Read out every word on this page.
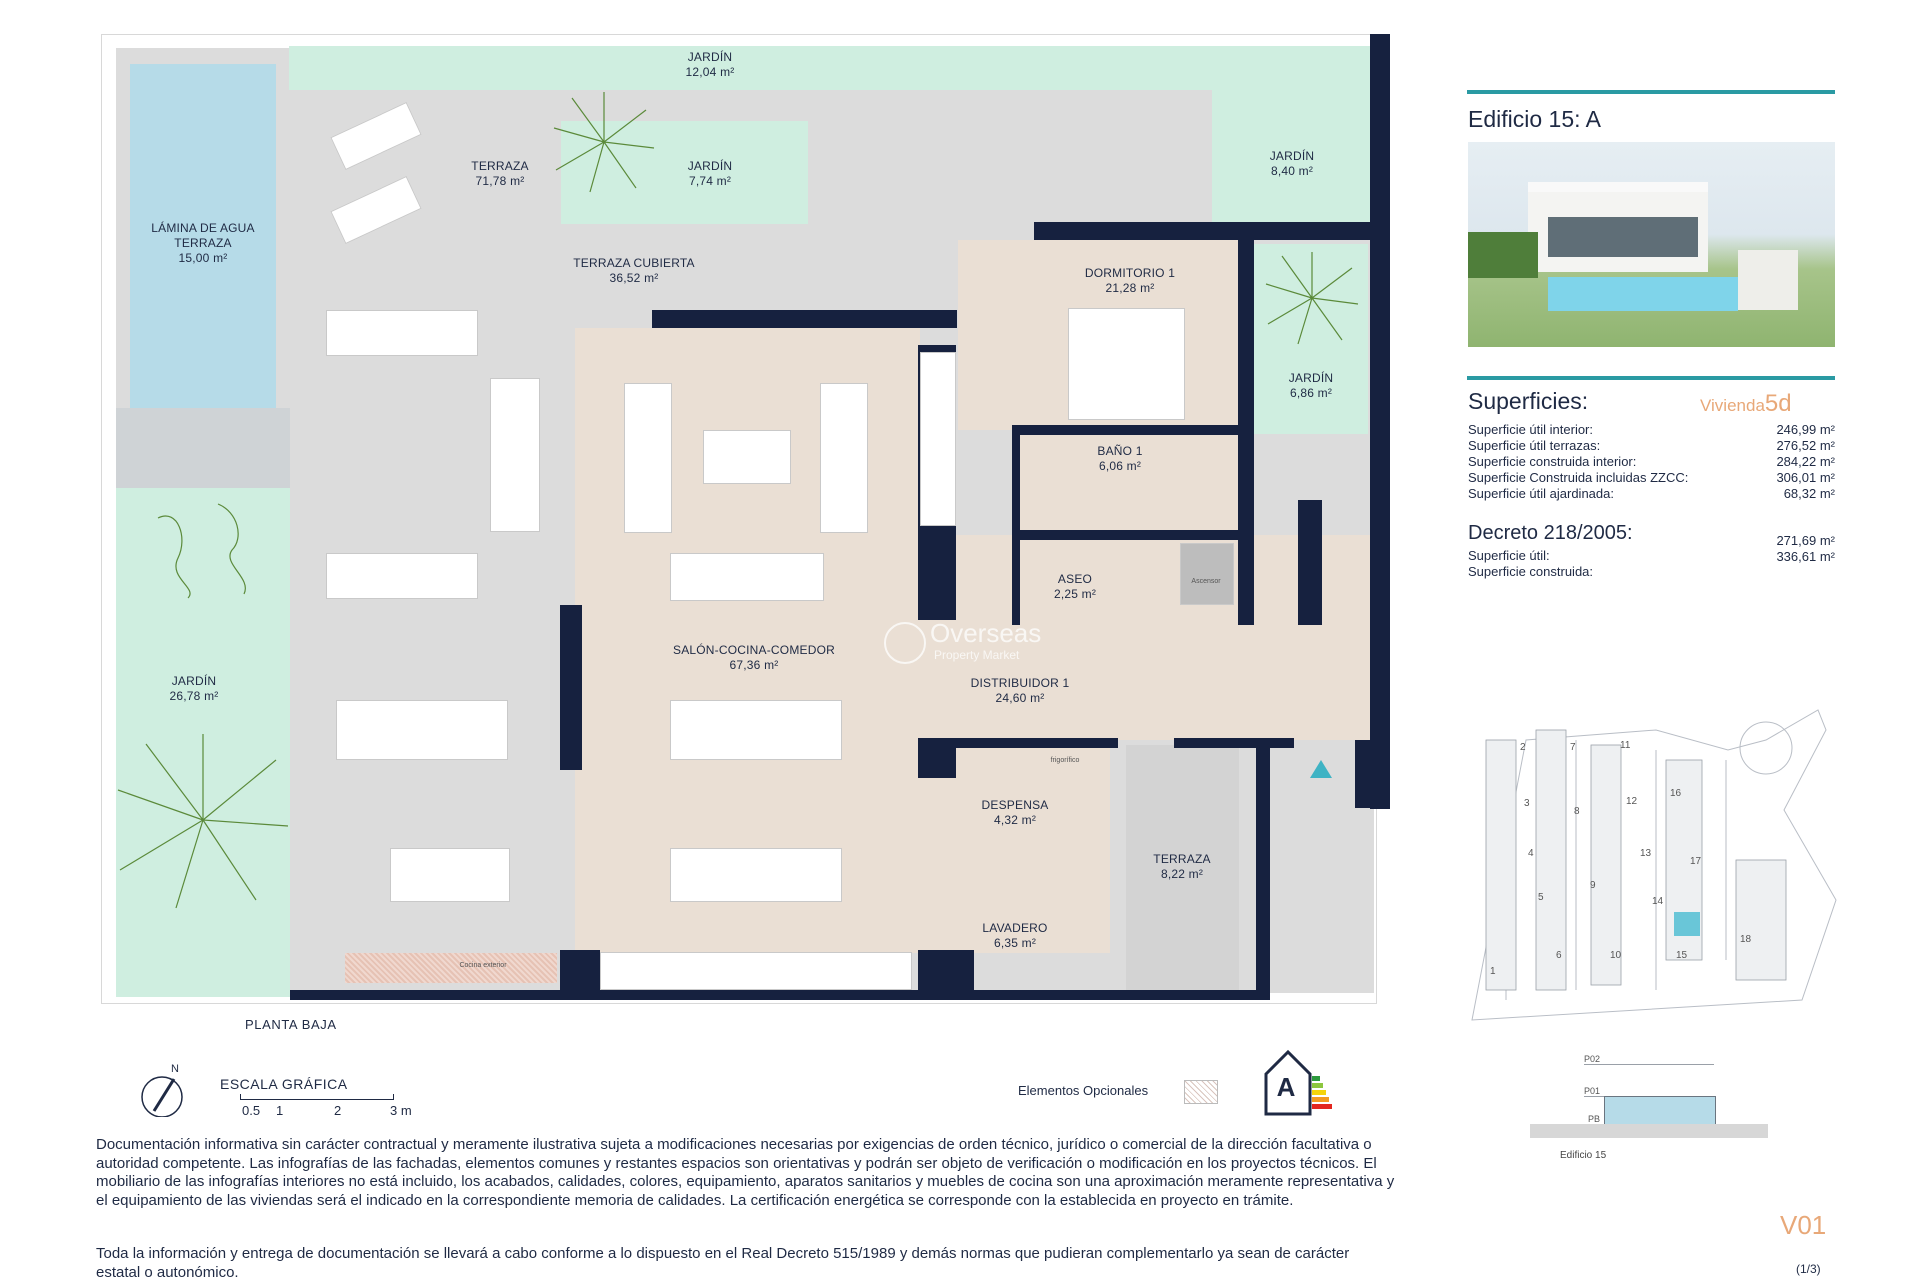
JARDÍN
12,04 m²
TERRAZA
71,78 m²
JARDÍN
7,74 m²
JARDÍN
8,40 m²
LÁMINA DE AGUA TERRAZA
15,00 m²	TERRAZA CUBIERTA
36,52 m²	DORMITORIO 1
21,28 m²
JARDÍN
6,86 m²
BAÑO 1
6,06 m²
ASEO
2,25 m²
SALÓN-COCINA-COMEDOR
67,36 m²
DISTRIBUIDOR 1
24,60 m²
JARDÍN
26,78 m²
DESPENSA
4,32 m²
TERRAZA
8,22 m²
LAVADERO
6,35 m²
Ascensor
frigorífico
Cocina exterior
Overseas
Property Market
PLANTA BAJA
N
ESCALA GRÁFICA
0.5 1	2	3 m
Elementos Opcionales	A
Documentación informativa sin carácter contractual y meramente ilustrativa sujeta a modificaciones necesarias por exigencias de orden técnico, jurídico o comercial de la dirección facultativa o autoridad competente. Las infografías de las fachadas, elementos comunes y restantes espacios son orientativas y podrán ser objeto de verificación o modificación en los proyectos técnicos. El mobiliario de las infografías interiores no está incluido, los acabados, calidades, colores, equipamiento, aparatos sanitarios y muebles de cocina son una aproximación meramente representativa y el equipamiento de las viviendas será el indicado en la correspondiente memoria de calidades. La certificación energética se corresponde con la establecida en proyecto en trámite.
Toda la información y entrega de documentación se llevará a cabo conforme a lo dispuesto en el Real Decreto 515/1989 y demás normas que pudieran complementarlo ya sean de carácter estatal o autonómico.
Edificio 15: A
Superficies:	Vivienda5d
Superficie útil interior:	246,99 m²
Superficie útil terrazas:	276,52 m²
Superficie construida interior:	284,22 m²
Superficie Construida incluidas ZZCC:	306,01 m²
Superficie útil ajardinada:	68,32 m²
Decreto 218/2005:
Superficie útil:
271,69 m²
Superficie construida:
336,61 m²
2	7	11
3
8
12
16
4
9
13
17
5	14
1
6	10	15
18
P02
P01
PB
Edificio 15
V01
(1/3)
